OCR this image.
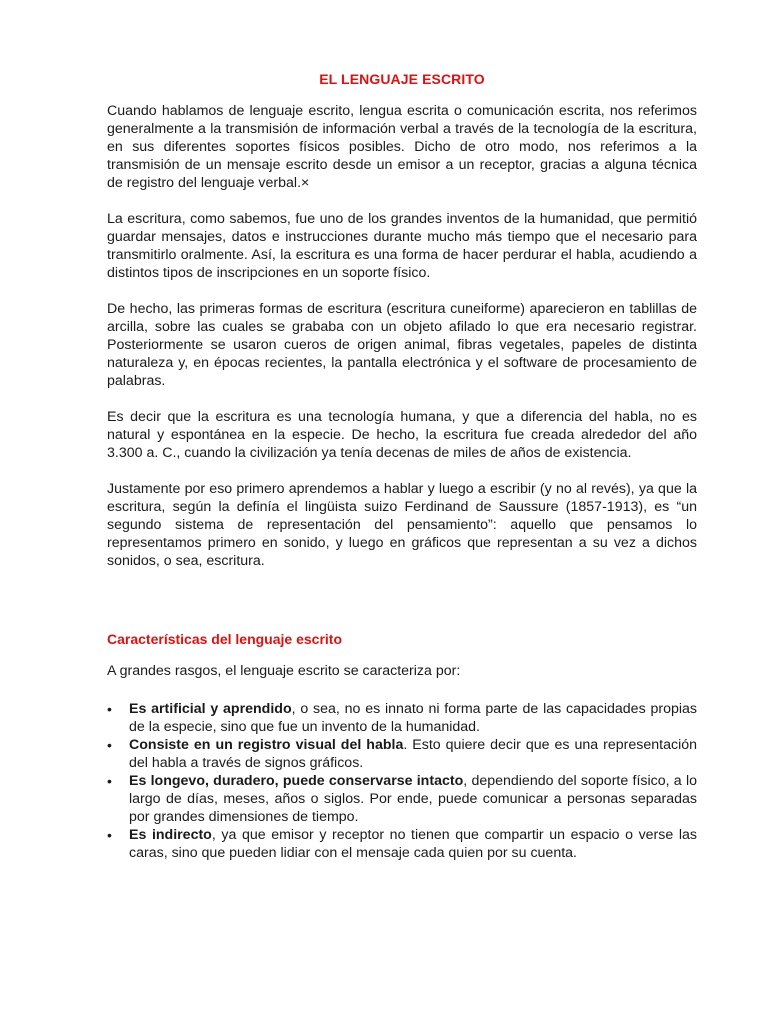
EL LENGUAJE ESCRITO

Cuando hablamos de lenguaje escrito, lengua escrita o comunicación escrita, nos referimos generalmente a la transmisión de información verbal a través de la tecnología de la escritura, en sus diferentes soportes físicos posibles. Dicho de otro modo, nos referimos a la transmisión de un mensaje escrito desde un emisor a un receptor, gracias a alguna técnica de registro del lenguaje verbal.×

La escritura, como sabemos, fue uno de los grandes inventos de la humanidad, que permitió guardar mensajes, datos e instrucciones durante mucho más tiempo que el necesario para transmitirlo oralmente. Así, la escritura es una forma de hacer perdurar el habla, acudiendo a distintos tipos de inscripciones en un soporte físico.

De hecho, las primeras formas de escritura (escritura cuneiforme) aparecieron en tablillas de arcilla, sobre las cuales se grababa con un objeto afilado lo que era necesario registrar. Posteriormente se usaron cueros de origen animal, fibras vegetales, papeles de distinta naturaleza y, en épocas recientes, la pantalla electrónica y el software de procesamiento de palabras.

Es decir que la escritura es una tecnología humana, y que a diferencia del habla, no es natural y espontánea en la especie. De hecho, la escritura fue creada alrededor del año 3.300 a. C., cuando la civilización ya tenía decenas de miles de años de existencia.

Justamente por eso primero aprendemos a hablar y luego a escribir (y no al revés), ya que la escritura, según la definía el lingüista suizo Ferdinand de Saussure (1857-1913), es “un segundo sistema de representación del pensamiento”: aquello que pensamos lo representamos primero en sonido, y luego en gráficos que representan a su vez a dichos sonidos, o sea, escritura.

Características del lenguaje escrito
A grandes rasgos, el lenguaje escrito se caracteriza por:
• Es artificial y aprendido, o sea, no es innato ni forma parte de las capacidades propias de la especie, sino que fue un invento de la humanidad.
• Consiste en un registro visual del habla. Esto quiere decir que es una representación del habla a través de signos gráficos.
• Es longevo, duradero, puede conservarse intacto, dependiendo del soporte físico, a lo largo de días, meses, años o siglos. Por ende, puede comunicar a personas separadas por grandes dimensiones de tiempo.
• Es indirecto, ya que emisor y receptor no tienen que compartir un espacio o verse las caras, sino que pueden lidiar con el mensaje cada quien por su cuenta.
